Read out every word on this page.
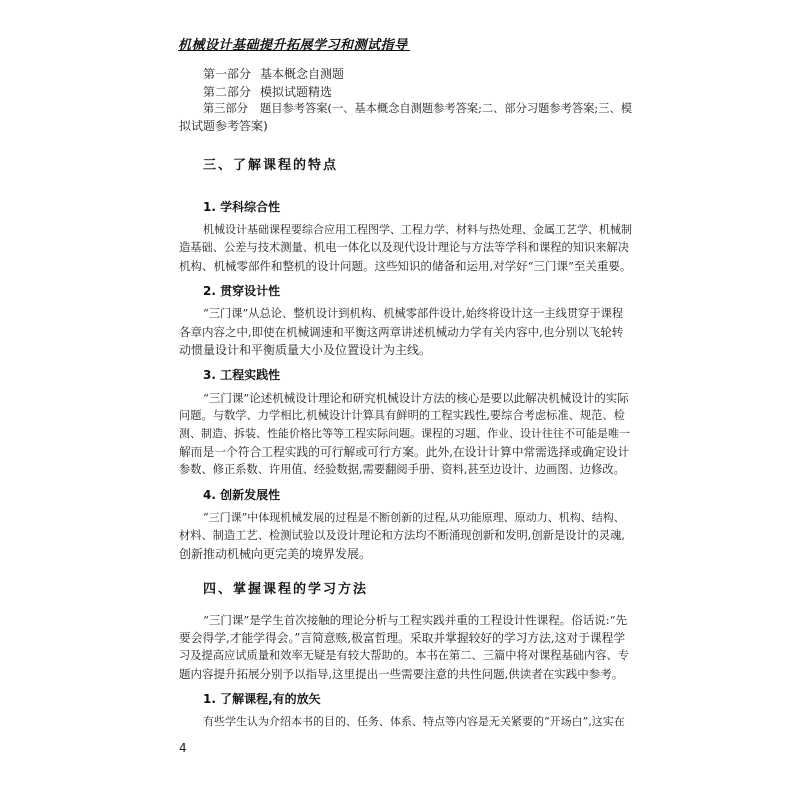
机械设计基础提升拓展学习和测试指导
第一部分 基本概念自测题
第二部分 模拟试题精选
第三部分 题目参考答案(一、基本概念自测题参考答案;二、部分习题参考答案;三、模
拟试题参考答案)
三、了解课程的特点
1. 学科综合性
机械设计基础课程要综合应用工程图学、工程力学、材料与热处理、金属工艺学、机械制
造基础、公差与技术测量、机电一体化以及现代设计理论与方法等学科和课程的知识来解决
机构、机械零部件和整机的设计问题。这些知识的储备和运用,对学好“三门课”至关重要。
2. 贯穿设计性
“三门课”从总论、整机设计到机构、机械零部件设计,始终将设计这一主线贯穿于课程
各章内容之中,即使在机械调速和平衡这两章讲述机械动力学有关内容中,也分别以飞轮转
动惯量设计和平衡质量大小及位置设计为主线。
3. 工程实践性
“三门课”论述机械设计理论和研究机械设计方法的核心是要以此解决机械设计的实际
问题。与数学、力学相比,机械设计计算具有鲜明的工程实践性,要综合考虑标准、规范、检
测、制造、拆装、性能价格比等等工程实际问题。课程的习题、作业、设计往往不可能是唯一
解而是一个符合工程实践的可行解或可行方案。此外,在设计计算中常需选择或确定设计
参数、修正系数、许用值、经验数据,需要翻阅手册、资料,甚至边设计、边画图、边修改。
4. 创新发展性
“三门课”中体现机械发展的过程是不断创新的过程,从功能原理、原动力、机构、结构、
材料、制造工艺、检测试验以及设计理论和方法均不断涌现创新和发明,创新是设计的灵魂,
创新推动机械向更完美的境界发展。
四、掌握课程的学习方法
“三门课”是学生首次接触的理论分析与工程实践并重的工程设计性课程。俗话说:“先
要会得学,才能学得会。”言简意赅,极富哲理。采取并掌握较好的学习方法,这对于课程学
习及提高应试质量和效率无疑是有较大帮助的。本书在第二、三篇中将对课程基础内容、专
题内容提升拓展分别予以指导,这里提出一些需要注意的共性问题,供读者在实践中参考。
1. 了解课程,有的放矢
有些学生认为介绍本书的目的、任务、体系、特点等内容是无关紧要的“开场白”,这实在
4
